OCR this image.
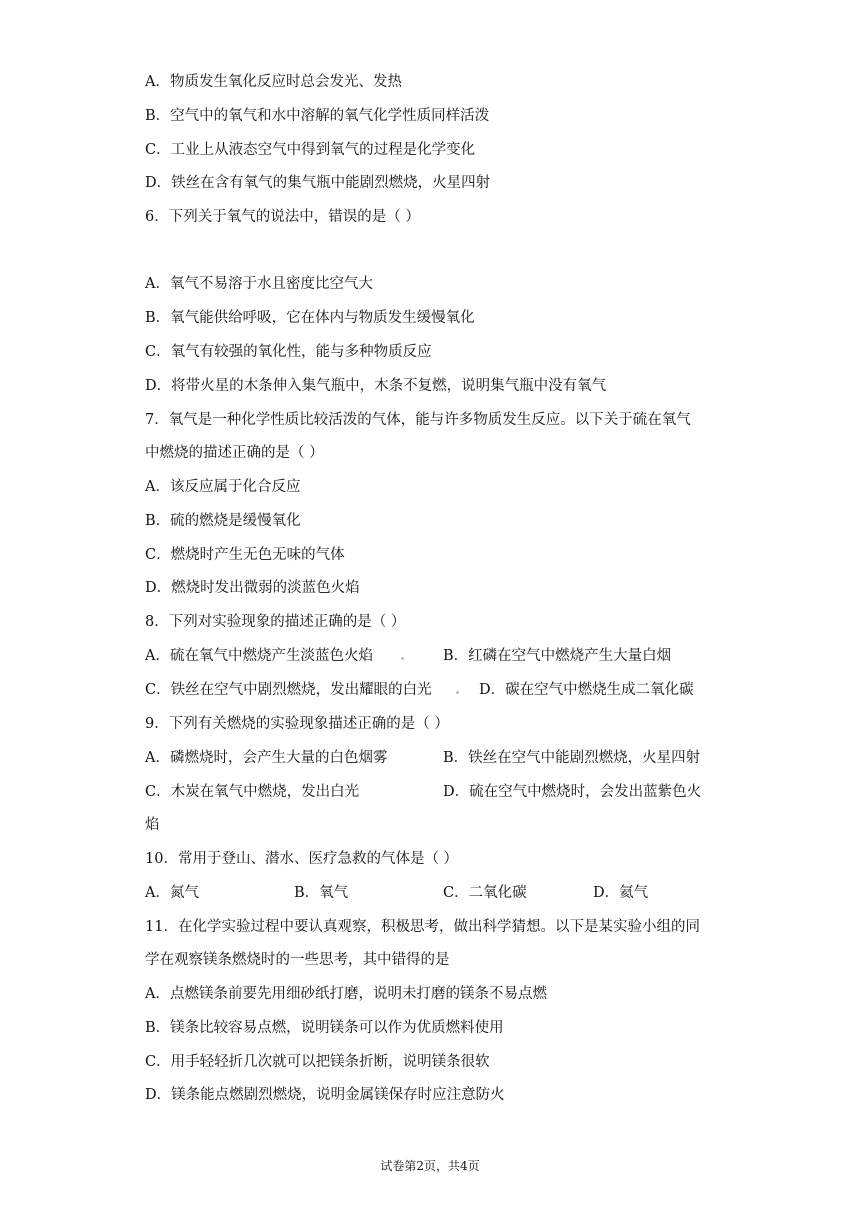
A．物质发生氧化反应时总会发光、发热
B．空气中的氧气和水中溶解的氧气化学性质同样活泼
C．工业上从液态空气中得到氧气的过程是化学变化
D．铁丝在含有氧气的集气瓶中能剧烈燃烧，火星四射
6．下列关于氧气的说法中，错误的是（ ）
A．氧气不易溶于水且密度比空气大
B．氧气能供给呼吸，它在体内与物质发生缓慢氧化
C．氧气有较强的氧化性，能与多种物质反应
D．将带火星的木条伸入集气瓶中，木条不复燃，说明集气瓶中没有氧气
7．氧气是一种化学性质比较活泼的气体，能与许多物质发生反应。以下关于硫在氧气
中燃烧的描述正确的是（ ）
A．该反应属于化合反应
B．硫的燃烧是缓慢氧化
C．燃烧时产生无色无味的气体
D．燃烧时发出微弱的淡蓝色火焰
8．下列对实验现象的描述正确的是（ ）
A．硫在氧气中燃烧产生淡蓝色火焰	B．红磷在空气中燃烧产生大量白烟
C．铁丝在空气中剧烈燃烧，发出耀眼的白光	D．碳在空气中燃烧生成二氧化碳
9．下列有关燃烧的实验现象描述正确的是（ ）
A．磷燃烧时，会产生大量的白色烟雾	B．铁丝在空气中能剧烈燃烧，火星四射
C．木炭在氧气中燃烧，发出白光	D．硫在空气中燃烧时，会发出蓝紫色火
焰
10．常用于登山、潜水、医疗急救的气体是（ ）
A．氮气	B．氧气	C．二氧化碳	D．氦气
11．在化学实验过程中要认真观察，积极思考，做出科学猜想。以下是某实验小组的同
学在观察镁条燃烧时的一些思考，其中错得的是
A．点燃镁条前要先用细砂纸打磨，说明未打磨的镁条不易点燃
B．镁条比较容易点燃，说明镁条可以作为优质燃料使用
C．用手轻轻折几次就可以把镁条折断，说明镁条很软
D．镁条能点燃剧烈燃烧，说明金属镁保存时应注意防火
试卷第2页，共4页
